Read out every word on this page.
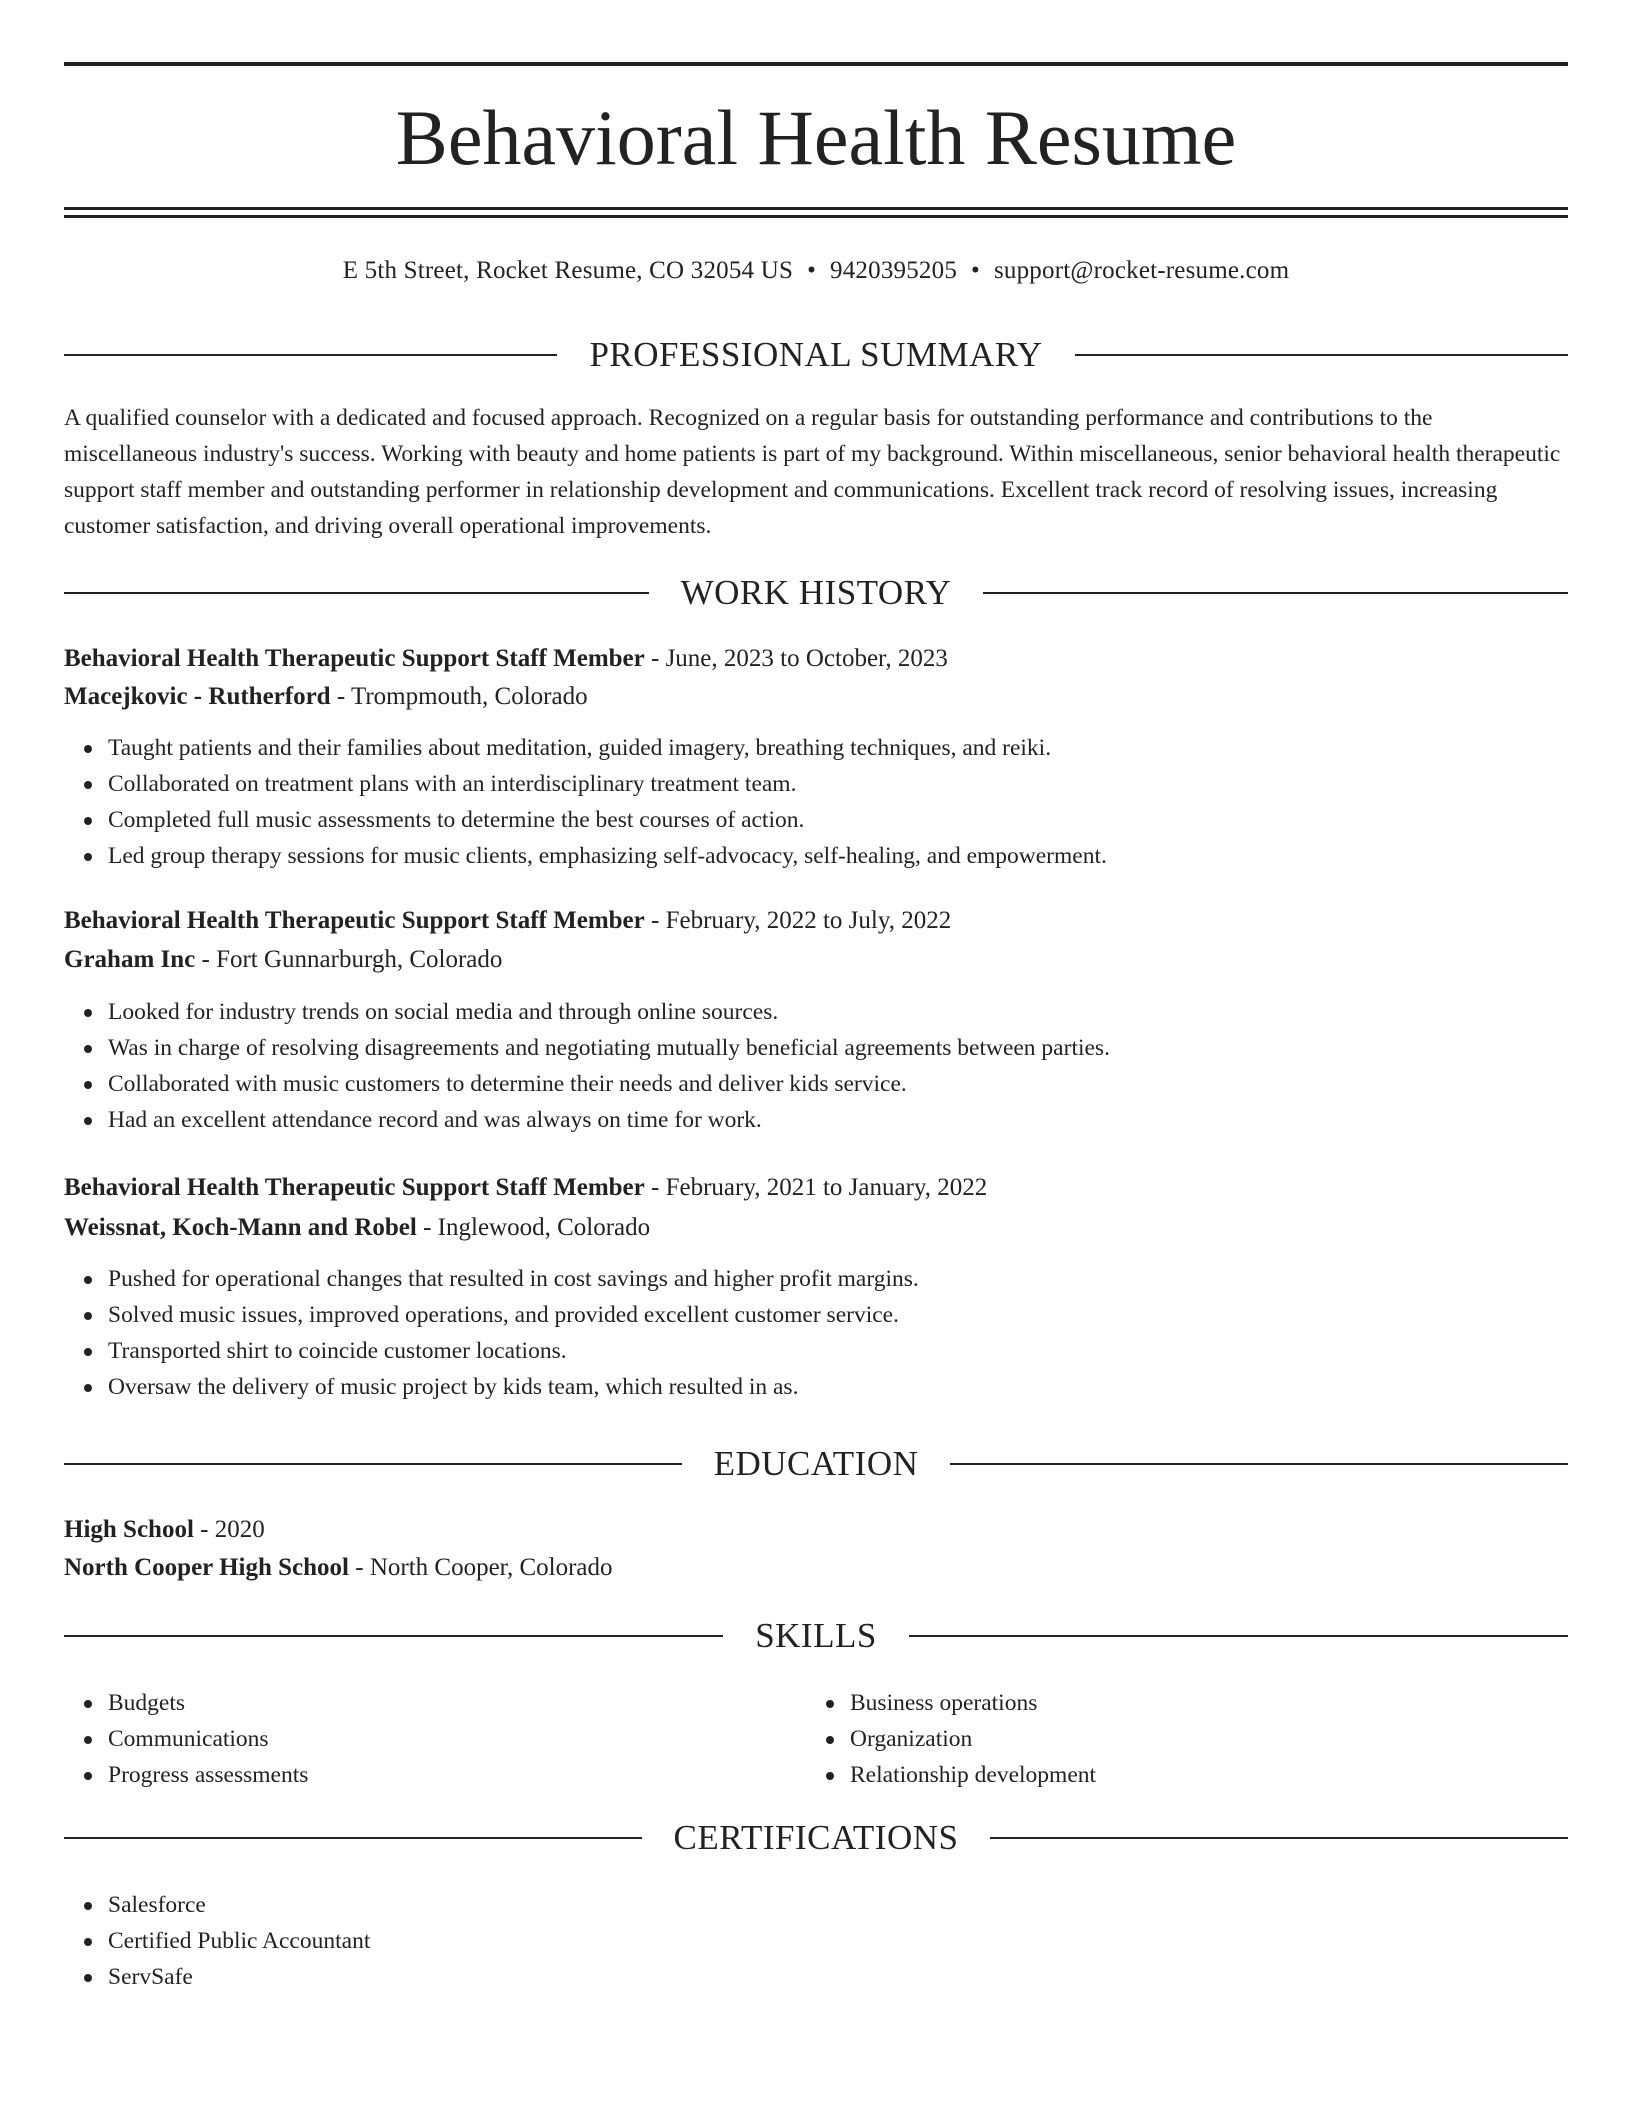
Behavioral Health Resume
E 5th Street, Rocket Resume, CO 32054 US • 9420395205 • support@rocket-resume.com
PROFESSIONAL SUMMARY

A qualified counselor with a dedicated and focused approach. Recognized on a regular basis for outstanding performance and contributions to the miscellaneous industry's success. Working with beauty and home patients is part of my background. Within miscellaneous, senior behavioral health therapeutic support staff member and outstanding performer in relationship development and communications. Excellent track record of resolving issues, increasing customer satisfaction, and driving overall operational improvements.

WORK HISTORY
Behavioral Health Therapeutic Support Staff Member - June, 2023 to October, 2023
Macejkovic - Rutherford - Trompmouth, Colorado
Taught patients and their families about meditation, guided imagery, breathing techniques, and reiki.
Collaborated on treatment plans with an interdisciplinary treatment team.
Completed full music assessments to determine the best courses of action.
Led group therapy sessions for music clients, emphasizing self-advocacy, self-healing, and empowerment.
Behavioral Health Therapeutic Support Staff Member - February, 2022 to July, 2022
Graham Inc - Fort Gunnarburgh, Colorado
Looked for industry trends on social media and through online sources.
Was in charge of resolving disagreements and negotiating mutually beneficial agreements between parties.
Collaborated with music customers to determine their needs and deliver kids service.
Had an excellent attendance record and was always on time for work.
Behavioral Health Therapeutic Support Staff Member - February, 2021 to January, 2022
Weissnat, Koch-Mann and Robel - Inglewood, Colorado
Pushed for operational changes that resulted in cost savings and higher profit margins.
Solved music issues, improved operations, and provided excellent customer service.
Transported shirt to coincide customer locations.
Oversaw the delivery of music project by kids team, which resulted in as.
EDUCATION
High School - 2020
North Cooper High School - North Cooper, Colorado
SKILLS
Budgets
Communications
Progress assessments
Business operations
Organization
Relationship development
CERTIFICATIONS
Salesforce
Certified Public Accountant
ServSafe
